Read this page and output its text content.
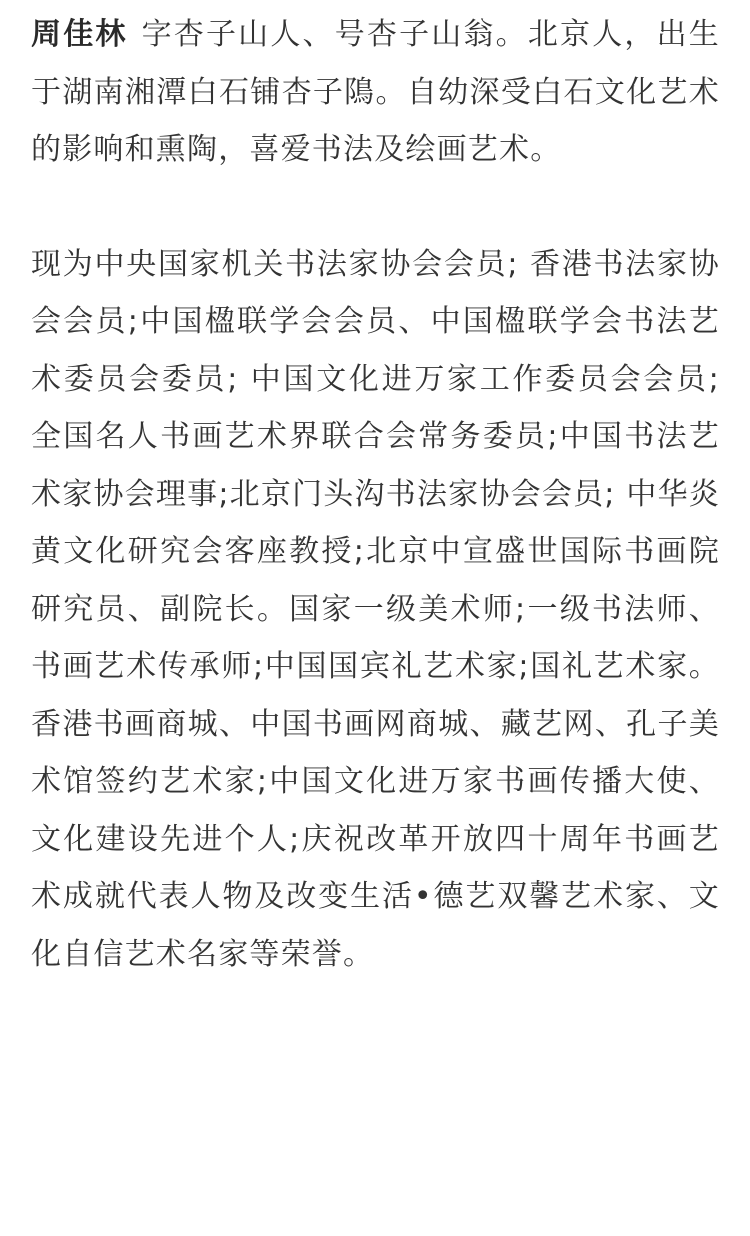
周佳林 字杏子山人、号杏子山翁。北京人，出生于湖南湘潭白石铺杏子隝。自幼深受白石文化艺术的影响和熏陶，喜爱书法及绘画艺术。

现为中央国家机关书法家协会会员; 香港书法家协会会员;中国楹联学会会员、中国楹联学会书法艺术委员会委员; 中国文化进万家工作委员会会员; 全国名人书画艺术界联合会常务委员;中国书法艺术家协会理事;北京门头沟书法家协会会员; 中华炎黄文化研究会客座教授;北京中宣盛世国际书画院研究员、副院长。国家一级美术师;一级书法师、书画艺术传承师;中国国宾礼艺术家;国礼艺术家。香港书画商城、中国书画网商城、藏艺网、孔子美术馆签约艺术家;中国文化进万家书画传播大使、文化建设先进个人;庆祝改革开放四十周年书画艺术成就代表人物及改变生活•德艺双馨艺术家、文化自信艺术名家等荣誉。
